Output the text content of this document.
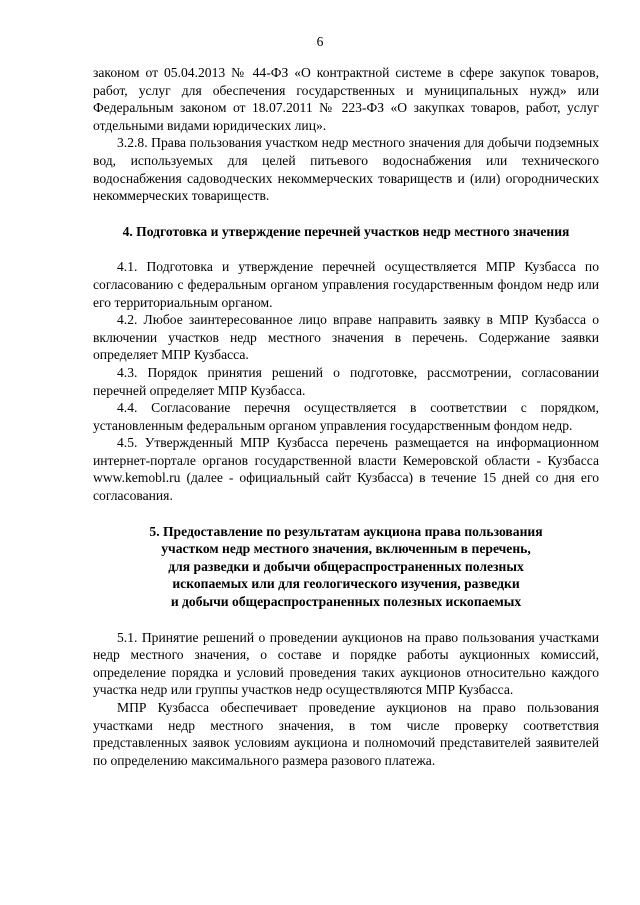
6

законом от 05.04.2013 № 44-ФЗ «О контрактной системе в сфере закупок товаров, работ, услуг для обеспечения государственных и муниципальных нужд» или Федеральным законом от 18.07.2011 № 223-ФЗ «О закупках товаров, работ, услуг отдельными видами юридических лиц».

3.2.8. Права пользования участком недр местного значения для добычи подземных вод, используемых для целей питьевого водоснабжения или технического водоснабжения садоводческих некоммерческих товариществ и (или) огороднических некоммерческих товариществ.

4. Подготовка и утверждение перечней участков недр местного значения

4.1. Подготовка и утверждение перечней осуществляется МПР Кузбасса по согласованию с федеральным органом управления государственным фондом недр или его территориальным органом.

4.2. Любое заинтересованное лицо вправе направить заявку в МПР Кузбасса о включении участков недр местного значения в перечень. Содержание заявки определяет МПР Кузбасса.

4.3. Порядок принятия решений о подготовке, рассмотрении, согласовании перечней определяет МПР Кузбасса.

4.4. Согласование перечня осуществляется в соответствии с порядком, установленным федеральным органом управления государственным фондом недр.

4.5. Утвержденный МПР Кузбасса перечень размещается на информационном интернет-портале органов государственной власти Кемеровской области - Кузбасса www.kemobl.ru (далее - официальный сайт Кузбасса) в течение 15 дней со дня его согласования.

5. Предоставление по результатам аукциона права пользования
участком недр местного значения, включенным в перечень,
для разведки и добычи общераспространенных полезных
ископаемых или для геологического изучения, разведки
и добычи общераспространенных полезных ископаемых

5.1. Принятие решений о проведении аукционов на право пользования участками недр местного значения, о составе и порядке работы аукционных комиссий, определение порядка и условий проведения таких аукционов относительно каждого участка недр или группы участков недр осуществляются МПР Кузбасса.

МПР Кузбасса обеспечивает проведение аукционов на право пользования участками недр местного значения, в том числе проверку соответствия представленных заявок условиям аукциона и полномочий представителей заявителей по определению максимального размера разового платежа.
